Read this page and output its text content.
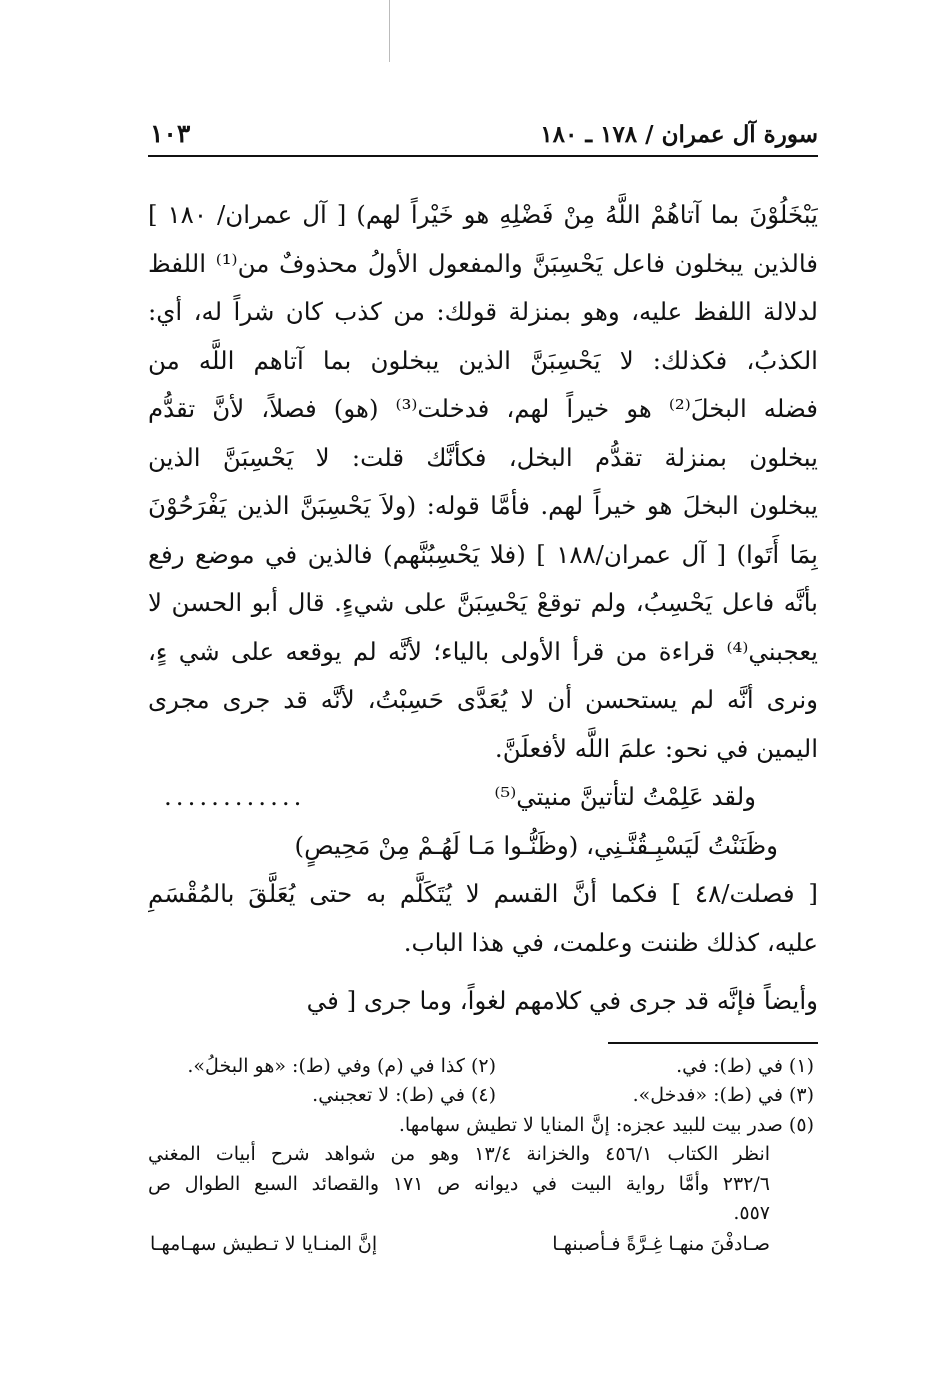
سورة آل عمران / ١٧٨ ـ ١٨٠
١٠٣
يَبْخَلُوْنَ بما آتاهُمْ اللَّهُ مِنْ فَضْلِهِ هو خَيْراً لهم) [ آل عمران/ ١٨٠ ]
فالذين يبخلون فاعل يَحْسِبَنَّ والمفعول الأولُ محذوفٌ من⁽¹⁾ اللفظ
لدلالة اللفظ عليه، وهو بمنزلة قولك: من كذب كان شراً له، أي:
الكذبُ، فكذلك: لا يَحْسِبَنَّ الذين يبخلون بما آتاهم اللَّه من
فضله البخلَ⁽²⁾ هو خيراً لهم، فدخلت⁽³⁾ (هو) فصلاً، لأنَّ تقدُّم
يبخلون بمنزلة تقدُّم البخل، فكأنَّك قلت: لا يَحْسِبَنَّ الذين
يبخلون البخلَ هو خيراً لهم. فأمَّا قوله: (ولاَ يَحْسِبَنَّ الذين يَفْرَحُوْنَ
بِمَا أَتَوا) [ آل عمران/١٨٨ ] (فلا يَحْسِبُنَّهم) فالذين في موضع رفع
بأنَّه فاعل يَحْسِبُ، ولم توقعْ يَحْسِبَنَّ على شيءٍ. قال أبو الحسن لا
يعجبني⁽⁴⁾ قراءة من قرأ الأولى بالياء؛ لأنَّه لم يوقعه على شي ءٍ،
ونرى أنَّه لم يستحسن أن لا يُعَدَّى حَسِبْتُ، لأنَّه قد جرى مجرى
اليمين في نحو: علمَ اللَّه لأفعلَنَّ.
ولقد عَلِمْتُ لتأتينَّ منيتي⁽⁵⁾
............
وظَنَنْتُ لَيَسْبِـقُنَّـنِي، (وظَنُّـوا مَـا لَهُـمْ مِنْ مَحِيصٍ)
[ فصلت/٤٨ ] فكما أنَّ القسم لا يُتَكَلَّم به حتى يُعَلَّقَ بالمُقْسَمِ
عليه، كذلك ظننت وعلمت، في هذا الباب.
وأيضاً فإنَّه قد جرى في كلامهم لغواً، وما جرى [ في
(١) في (ط): في.
(٢) كذا في (م) وفي (ط): «هو البخلُ».
(٣) في (ط): «فدخل».
(٤) في (ط): لا تعجبني.
(٥) صدر بيت للبيد عجزه: إنَّ المنايا لا تطيش سهامها.
انظر الكتاب ٤٥٦/١ والخزانة ١٣/٤ وهو من شواهد شرح أبيات المغني
٢٣٢/٦ وأمَّا رواية البيت في ديوانه ص ١٧١ والقصائد السبع الطوال ص
٥٥٧.
صـادفْنَ منهـا غِـرَّةً فـأصبنهـا
إنَّ المنـايا لا تـطيش سهـامهـا
